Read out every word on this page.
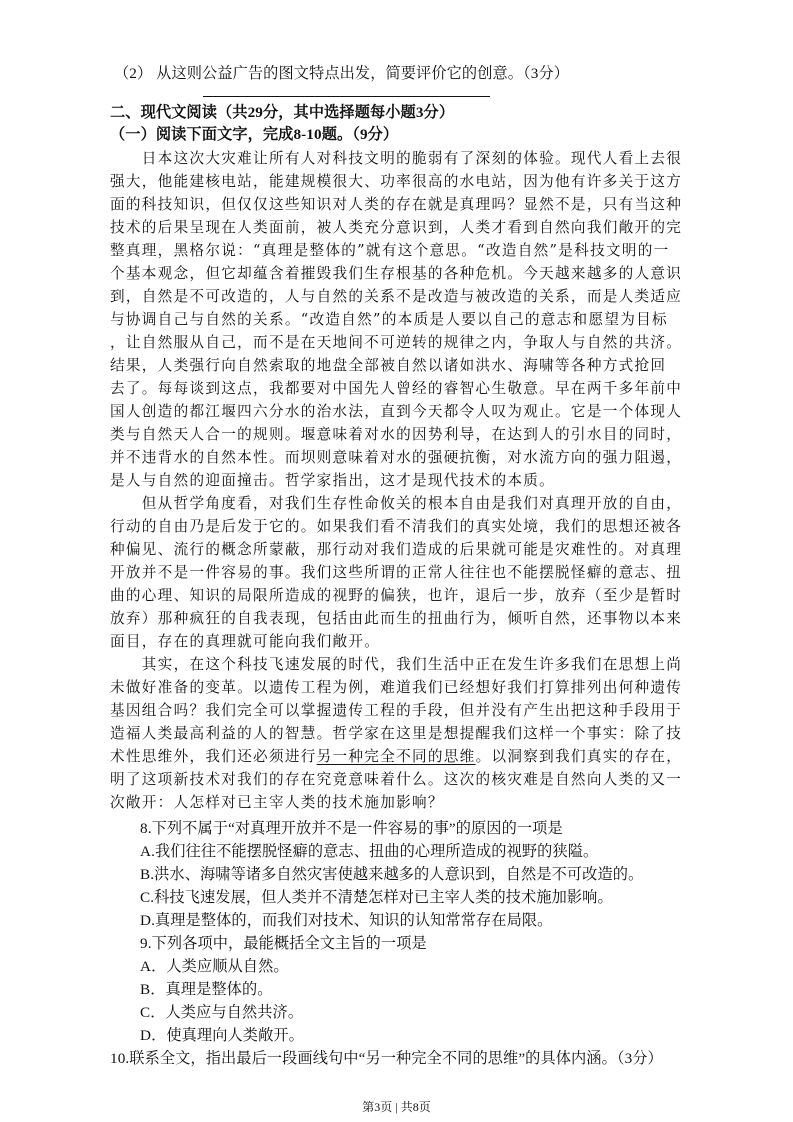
（2） 从这则公益广告的图文特点出发，简要评价它的创意。（3分）
二、现代文阅读（共29分，其中选择题每小题3分）
（一）阅读下面文字，完成8-10题。（9分）
　　日本这次大灾难让所有人对科技文明的脆弱有了深刻的体验。现代人看上去很
强大，他能建核电站，能建规模很大、功率很高的水电站，因为他有许多关于这方
面的科技知识，但仅仅这些知识对人类的存在就是真理吗？显然不是，只有当这种
技术的后果呈现在人类面前，被人类充分意识到，人类才看到自然向我们敞开的完
整真理，黑格尔说：“真理是整体的”就有这个意思。“改造自然”是科技文明的一
个基本观念，但它却蕴含着摧毁我们生存根基的各种危机。今天越来越多的人意识
到，自然是不可改造的，人与自然的关系不是改造与被改造的关系，而是人类适应
与协调自己与自然的关系。“改造自然”的本质是人要以自己的意志和愿望为目标
，让自然服从自己，而不是在天地间不可逆转的规律之内，争取人与自然的共济。
结果，人类强行向自然索取的地盘全部被自然以诸如洪水、海啸等各种方式抢回
去了。每每谈到这点，我都要对中国先人曾经的睿智心生敬意。早在两千多年前中
国人创造的都江堰四六分水的治水法，直到今天都令人叹为观止。它是一个体现人
类与自然天人合一的规则。堰意味着对水的因势利导，在达到人的引水目的同时，
并不违背水的自然本性。而坝则意味着对水的强硬抗衡，对水流方向的强力阻遏，
是人与自然的迎面撞击。哲学家指出，这才是现代技术的本质。
　　但从哲学角度看，对我们生存性命攸关的根本自由是我们对真理开放的自由，
行动的自由乃是后发于它的。如果我们看不清我们的真实处境，我们的思想还被各
种偏见、流行的概念所蒙蔽，那行动对我们造成的后果就可能是灾难性的。对真理
开放并不是一件容易的事。我们这些所谓的正常人往往也不能摆脱怪癖的意志、扭
曲的心理、知识的局限所造成的视野的偏狭，也许，退后一步，放弃（至少是暂时
放弃）那种疯狂的自我表现，包括由此而生的扭曲行为，倾听自然，还事物以本来
面目，存在的真理就可能向我们敞开。
　　其实，在这个科技飞速发展的时代，我们生活中正在发生许多我们在思想上尚
未做好准备的变革。以遗传工程为例，难道我们已经想好我们打算排列出何种遗传
基因组合吗？我们完全可以掌握遗传工程的手段，但并没有产生出把这种手段用于
造福人类最高利益的人的智慧。哲学家在这里是想提醒我们这样一个事实：除了技
术性思维外，我们还必须进行另一种完全不同的思维。以洞察到我们真实的存在，
明了这项新技术对我们的存在究竟意味着什么。这次的核灾难是自然向人类的又一
次敞开：人怎样对已主宰人类的技术施加影响？
8.下列不属于“对真理开放并不是一件容易的事”的原因的一项是
A.我们往往不能摆脱怪癖的意志、扭曲的心理所造成的视野的狭隘。
B.洪水、海啸等诸多自然灾害使越来越多的人意识到，自然是不可改造的。
C.科技飞速发展，但人类并不清楚怎样对已主宰人类的技术施加影响。
D.真理是整体的，而我们对技术、知识的认知常常存在局限。
9.下列各项中，最能概括全文主旨的一项是
A．人类应顺从自然。
B．真理是整体的。
C．人类应与自然共济。
D．使真理向人类敞开。
10.联系全文，指出最后一段画线句中“另一种完全不同的思维”的具体内涵。（3分）
第3页 | 共8页
